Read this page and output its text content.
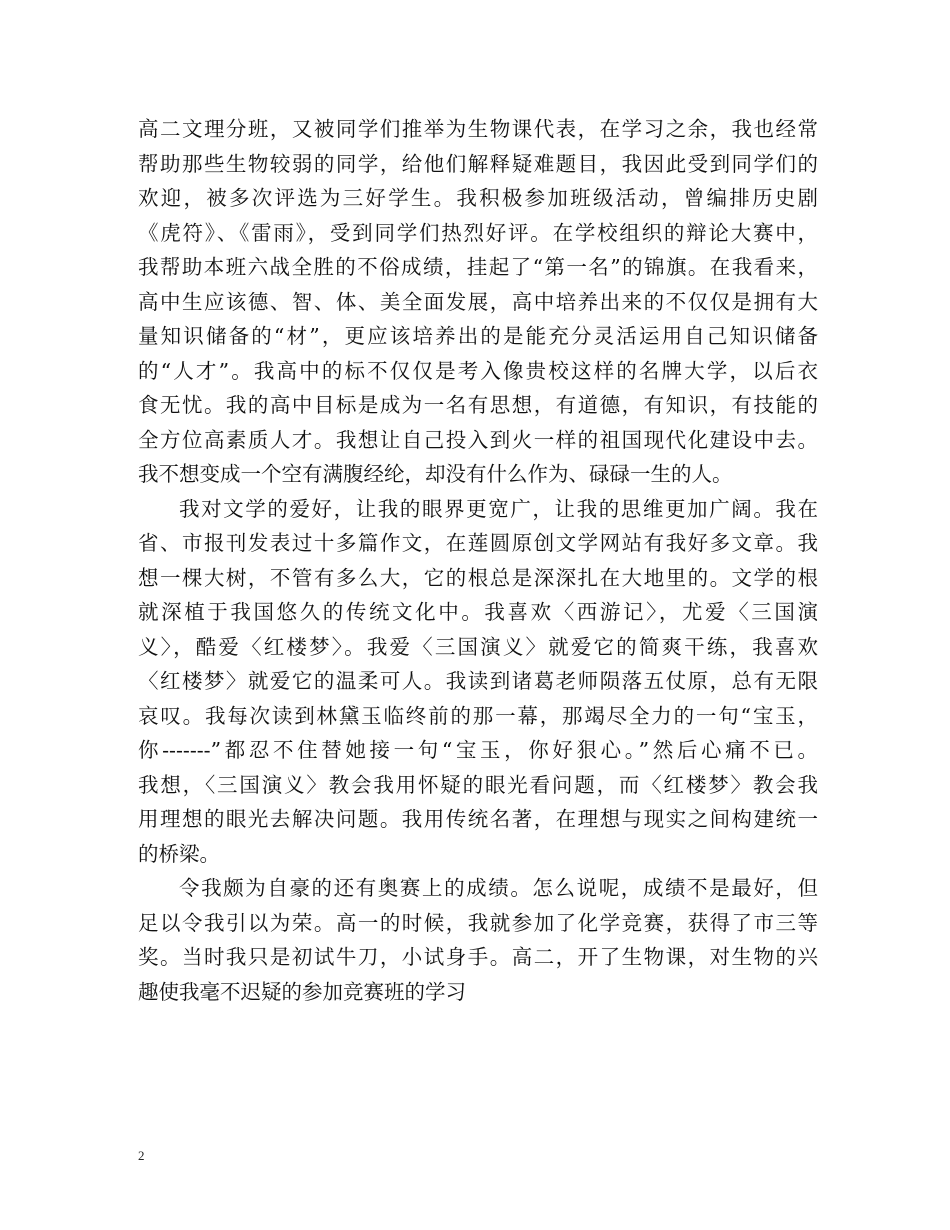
高二文理分班，又被同学们推举为生物课代表，在学习之余，我也经常
帮助那些生物较弱的同学，给他们解释疑难题目，我因此受到同学们的
欢迎，被多次评选为三好学生。我积极参加班级活动，曾编排历史剧
《虎符》、《雷雨》，受到同学们热烈好评。在学校组织的辩论大赛中，
我帮助本班六战全胜的不俗成绩，挂起了“第一名”的锦旗。在我看来，
高中生应该德、智、体、美全面发展，高中培养出来的不仅仅是拥有大
量知识储备的“材”，更应该培养出的是能充分灵活运用自己知识储备
的“人才”。我高中的标不仅仅是考入像贵校这样的名牌大学，以后衣
食无忧。我的高中目标是成为一名有思想，有道德，有知识，有技能的
全方位高素质人才。我想让自己投入到火一样的祖国现代化建设中去。
我不想变成一个空有满腹经纶，却没有什么作为、碌碌一生的人。
我对文学的爱好，让我的眼界更宽广，让我的思维更加广阔。我在
省、市报刊发表过十多篇作文，在莲圆原创文学网站有我好多文章。我
想一棵大树，不管有多么大，它的根总是深深扎在大地里的。文学的根
就深植于我国悠久的传统文化中。我喜欢〈西游记〉，尤爱〈三国演
义〉，酷爱〈红楼梦〉。我爱〈三国演义〉就爱它的简爽干练，我喜欢
〈红楼梦〉就爱它的温柔可人。我读到诸葛老师陨落五仗原，总有无限
哀叹。我每次读到林黛玉临终前的那一幕，那竭尽全力的一句“宝玉，
你-------”都忍不住替她接一句“宝玉，你好狠心。”然后心痛不已。
我想，〈三国演义〉教会我用怀疑的眼光看问题，而〈红楼梦〉教会我
用理想的眼光去解决问题。我用传统名著，在理想与现实之间构建统一
的桥梁。
令我颇为自豪的还有奥赛上的成绩。怎么说呢，成绩不是最好，但
足以令我引以为荣。高一的时候，我就参加了化学竞赛，获得了市三等
奖。当时我只是初试牛刀，小试身手。高二，开了生物课，对生物的兴
趣使我毫不迟疑的参加竞赛班的学习
2
